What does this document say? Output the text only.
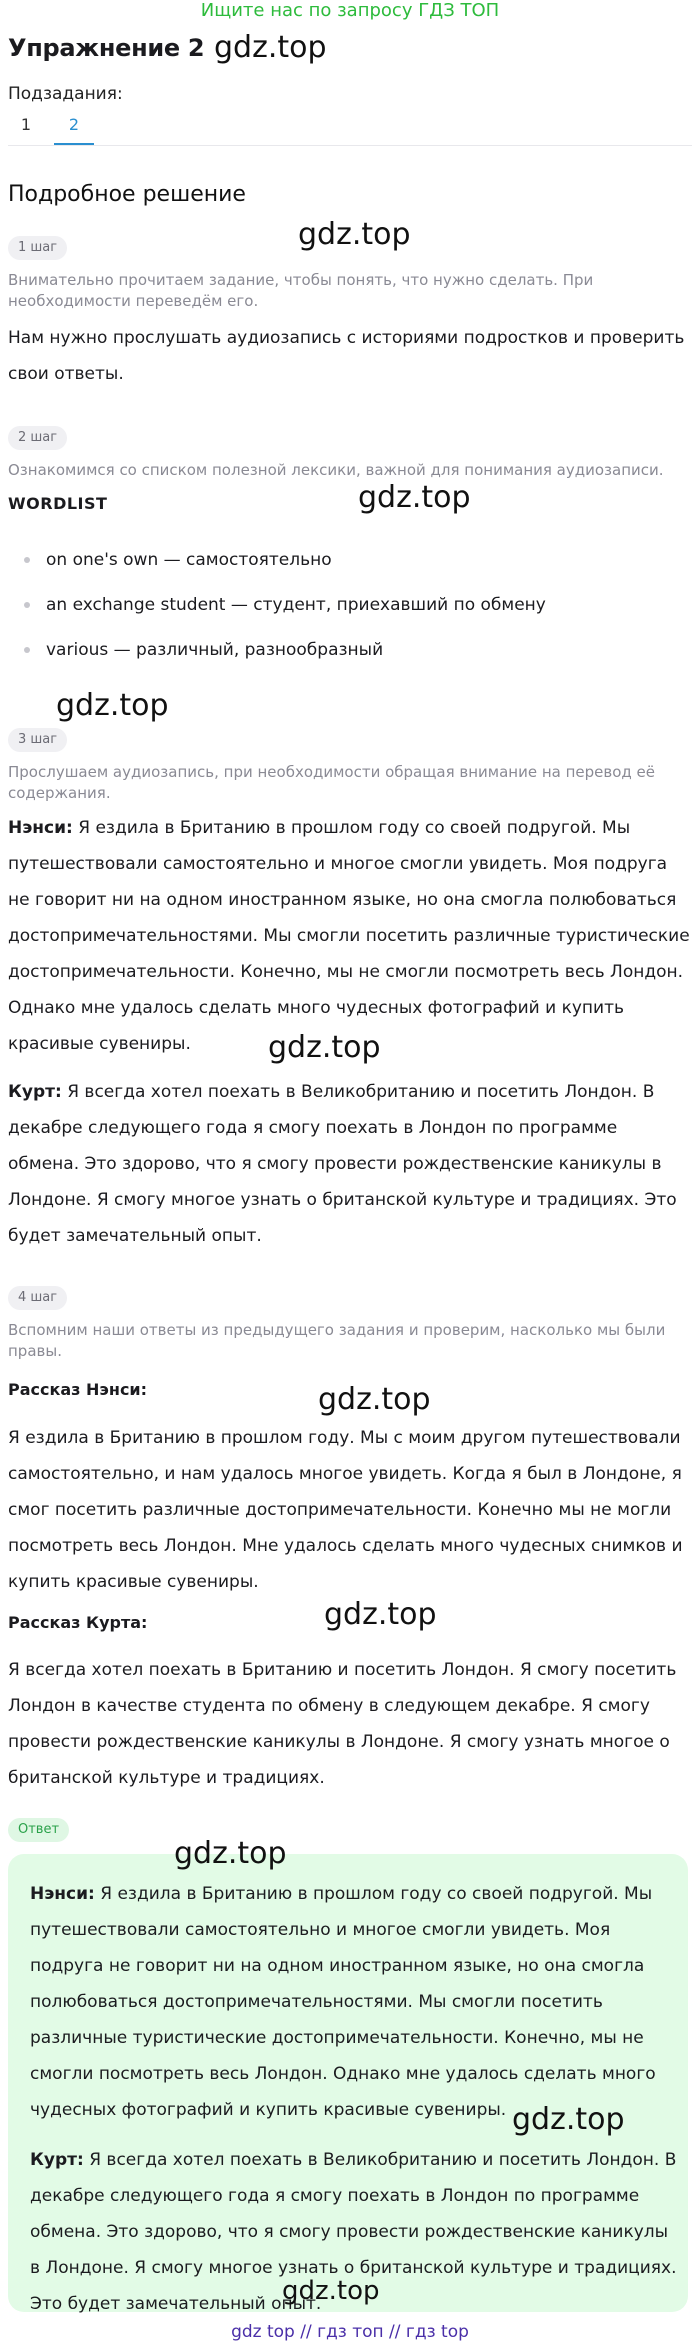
Ищите нас по запросу ГДЗ ТОП
Упражнение 2 gdz.top
Подзадания:
1	2
Подробное решение
gdz.top
1 шаг
Внимательно прочитаем задание, чтобы понять, что нужно сделать. При необходимости переведём его.
Нам нужно прослушать аудиозапись с историями подростков и проверить свои ответы.
2 шаг
Ознакомимся со списком полезной лексики, важной для понимания аудиозаписи.
WORDLIST	gdz.top
on one's own — самостоятельно
an exchange student — студент, приехавший по обмену
various — различный, разнообразный
gdz.top
3 шаг
Прослушаем аудиозапись, при необходимости обращая внимание на перевод её содержания.
Нэнси: Я ездила в Британию в прошлом году со своей подругой. Мы путешествовали самостоятельно и многое смогли увидеть. Моя подруга не говорит ни на одном иностранном языке, но она смогла полюбоваться достопримечательностями. Мы смогли посетить различные туристические достопримечательности. Конечно, мы не смогли посмотреть весь Лондон. Однако мне удалось сделать много чудесных фотографий и купить красивые сувениры.	gdz.top
Курт: Я всегда хотел поехать в Великобританию и посетить Лондон. В декабре следующего года я смогу поехать в Лондон по программе обмена. Это здорово, что я смогу провести рождественские каникулы в Лондоне. Я смогу многое узнать о британской культуре и традициях. Это будет замечательный опыт.
4 шаг
Вспомним наши ответы из предыдущего задания и проверим, насколько мы были правы.
Рассказ Нэнси:	gdz.top
Я ездила в Британию в прошлом году. Мы с моим другом путешествовали самостоятельно, и нам удалось многое увидеть. Когда я был в Лондоне, я смог посетить различные достопримечательности. Конечно мы не могли посмотреть весь Лондон. Мне удалось сделать много чудесных снимков и купить красивые сувениры.
Рассказ Курта:	gdz.top
Я всегда хотел поехать в Британию и посетить Лондон. Я смогу посетить Лондон в качестве студента по обмену в следующем декабре. Я смогу провести рождественские каникулы в Лондоне. Я смогу узнать многое о британской культуре и традициях.
Ответ
gdz.top
Нэнси: Я ездила в Британию в прошлом году со своей подругой. Мы путешествовали самостоятельно и многое смогли увидеть. Моя подруга не говорит ни на одном иностранном языке, но она смогла полюбоваться достопримечательностями. Мы смогли посетить различные туристические достопримечательности. Конечно, мы не смогли посмотреть весь Лондон. Однако мне удалось сделать много чудесных фотографий и купить красивые сувениры. gdz.top
Курт: Я всегда хотел поехать в Великобританию и посетить Лондон. В декабре следующего года я смогу поехать в Лондон по программе обмена. Это здорово, что я смогу провести рождественские каникулы в Лондоне. Я смогу многое узнать о британской культуре и традициях. Это будет замечательный опыт.
gdz.top
gdz top // гдз топ // гдз top
